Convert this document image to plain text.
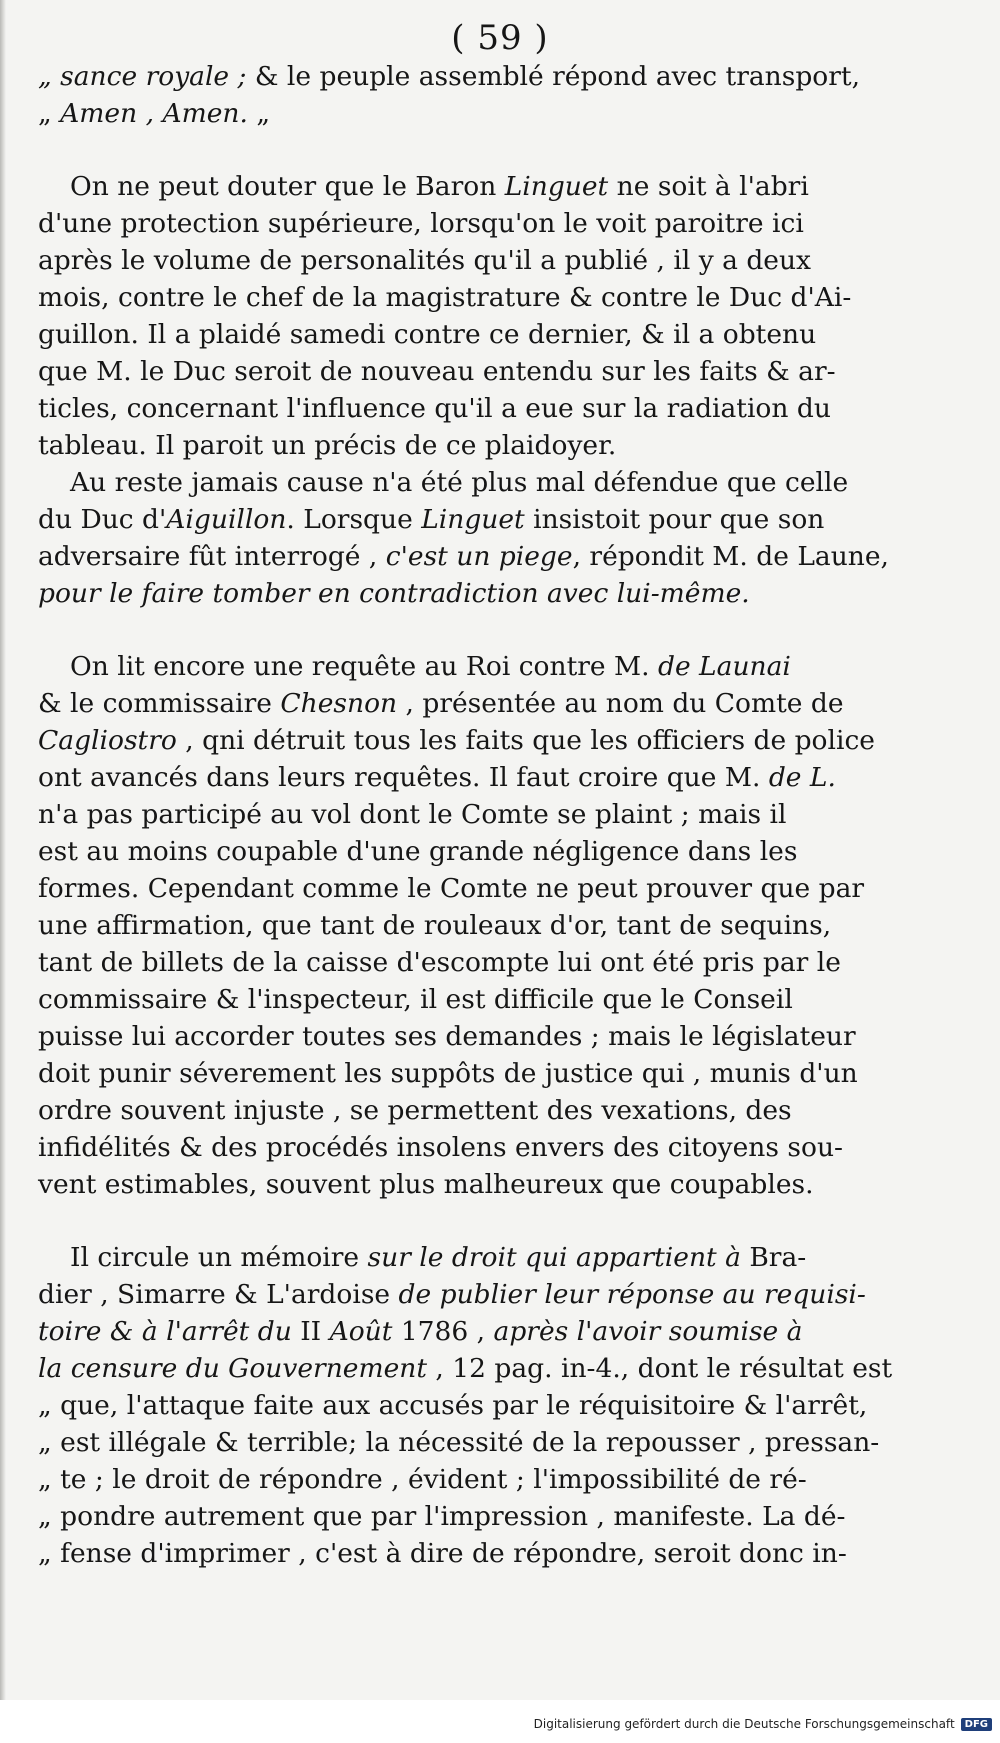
( 59 )
„ sance royale ; & le peuple assemblé répond avec transport,
„ Amen , Amen. „
On ne peut douter que le Baron Linguet ne soit à l'abri
d'une protection supérieure, lorsqu'on le voit paroitre ici
après le volume de personalités qu'il a publié , il y a deux
mois, contre le chef de la magistrature & contre le Duc d'Ai-
guillon. Il a plaidé samedi contre ce dernier, & il a obtenu
que M. le Duc seroit de nouveau entendu sur les faits & ar-
ticles, concernant l'influence qu'il a eue sur la radiation du
tableau. Il paroit un précis de ce plaidoyer.
Au reste jamais cause n'a été plus mal défendue que celle
du Duc d'Aiguillon. Lorsque Linguet insistoit pour que son
adversaire fût interrogé , c'est un piege, répondit M. de Laune,
pour le faire tomber en contradiction avec lui-même.
On lit encore une requête au Roi contre M. de Launai
& le commissaire Chesnon , présentée au nom du Comte de
Cagliostro , qni détruit tous les faits que les officiers de police
ont avancés dans leurs requêtes. Il faut croire que M. de L.
n'a pas participé au vol dont le Comte se plaint ; mais il
est au moins coupable d'une grande négligence dans les
formes. Cependant comme le Comte ne peut prouver que par
une affirmation, que tant de rouleaux d'or, tant de sequins,
tant de billets de la caisse d'escompte lui ont été pris par le
commissaire & l'inspecteur, il est difficile que le Conseil
puisse lui accorder toutes ses demandes ; mais le législateur
doit punir séverement les suppôts de justice qui , munis d'un
ordre souvent injuste , se permettent des vexations, des
infidélités & des procédés insolens envers des citoyens sou-
vent estimables, souvent plus malheureux que coupables.
Il circule un mémoire sur le droit qui appartient à Bra-
dier , Simarre & L'ardoise de publier leur réponse au requisi-
toire & à l'arrêt du II Août 1786 , après l'avoir soumise à
la censure du Gouvernement , 12 pag. in-4., dont le résultat est
„ que, l'attaque faite aux accusés par le réquisitoire & l'arrêt,
„ est illégale & terrible; la nécessité de la repousser , pressan-
„ te ; le droit de répondre , évident ; l'impossibilité de ré-
„ pondre autrement que par l'impression , manifeste. La dé-
„ fense d'imprimer , c'est à dire de répondre, seroit donc in-
Digitalisierung gefördert durch die Deutsche Forschungsgemeinschaft	DFG
